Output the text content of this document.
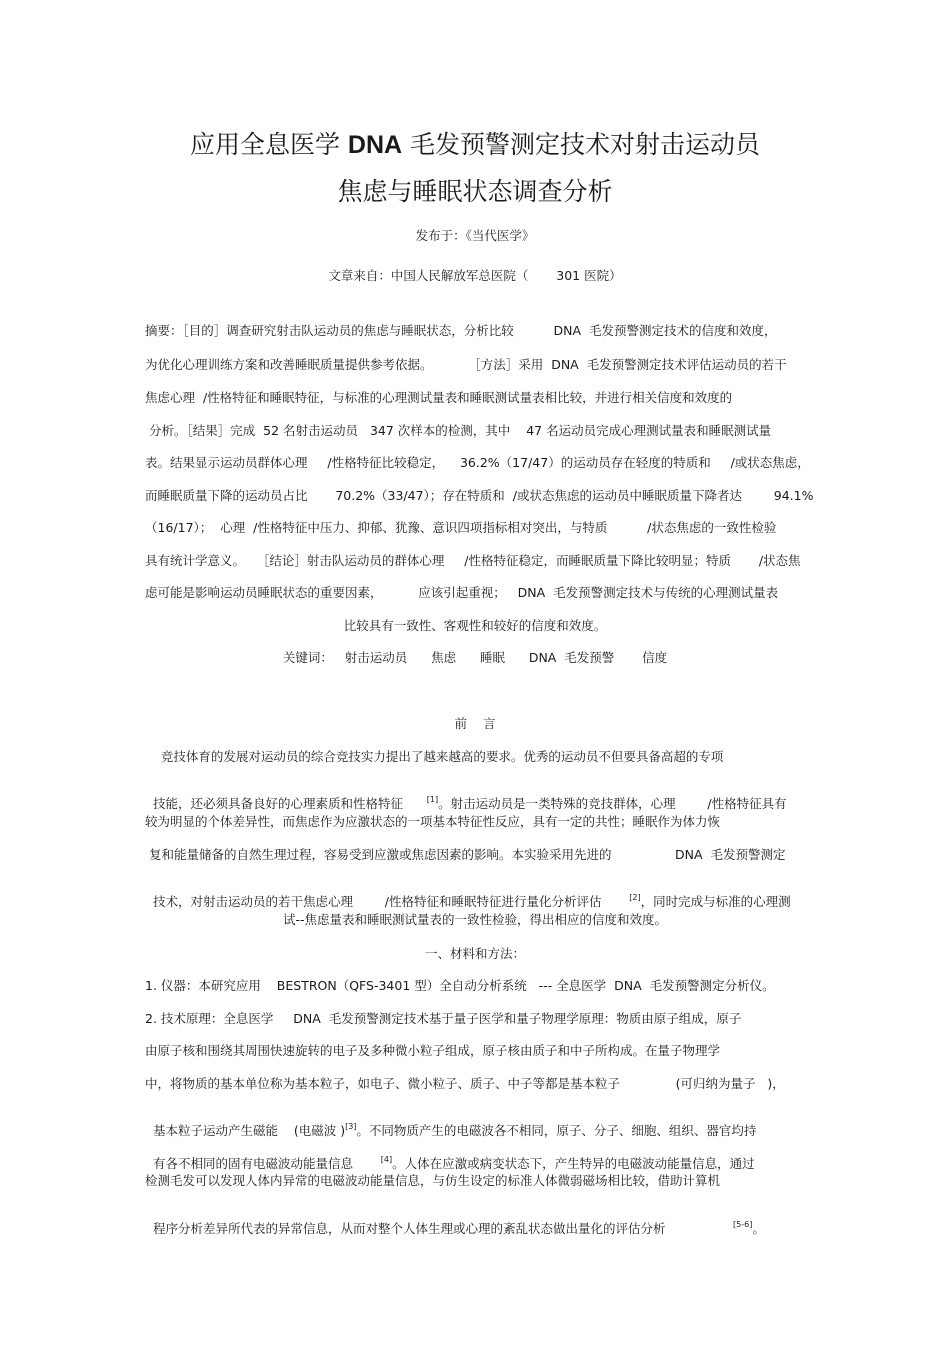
应用全息医学 DNA 毛发预警测定技术对射击运动员
焦虑与睡眠状态调查分析
发布于：《当代医学》
文章来自：中国人民解放军总医院（       301 医院）
摘要：［目的］调查研究射击队运动员的焦虑与睡眠状态，分析比较          DNA  毛发预警测定技术的信度和效度，
为优化心理训练方案和改善睡眠质量提供参考依据。         ［方法］采用  DNA  毛发预警测定技术评估运动员的若干
焦虑心理  /性格特征和睡眠特征，与标准的心理测试量表和睡眠测试量表相比较，并进行相关信度和效度的
分析。［结果］完成  52 名射击运动员   347 次样本的检测，其中    47 名运动员完成心理测试量表和睡眠测试量
表。结果显示运动员群体心理     /性格特征比较稳定，    36.2%（17/47）的运动员存在轻度的特质和     /或状态焦虑，
而睡眠质量下降的运动员占比       70.2%（33/47）；存在特质和  /或状态焦虑的运动员中睡眠质量下降者达        94.1%
（16/17）；  心理  /性格特征中压力、抑郁、犹豫、意识四项指标相对突出，与特质          /状态焦虑的一致性检验
具有统计学意义。   ［结论］射击队运动员的群体心理     /性格特征稳定，而睡眠质量下降比较明显；特质       /状态焦
虑可能是影响运动员睡眠状态的重要因素，         应该引起重视；   DNA  毛发预警测定技术与传统的心理测试量表
比较具有一致性、客观性和较好的信度和效度。
关键词：   射击运动员      焦虑      睡眠      DNA  毛发预警       信度
前    言
竞技体育的发展对运动员的综合竞技实力提出了越来越高的要求。优秀的运动员不但要具备高超的专项

技能，还必须具备良好的心理素质和性格特征      [1]。射击运动员是一类特殊的竞技群体，心理        /性格特征具有

较为明显的个体差异性，而焦虑作为应激状态的一项基本特征性反应，具有一定的共性；睡眠作为体力恢
复和能量储备的自然生理过程，容易受到应激或焦虑因素的影响。本实验采用先进的                DNA  毛发预警测定

技术，对射击运动员的若干焦虑心理        /性格特征和睡眠特征进行量化分析评估       [2]，同时完成与标准的心理测

试--焦虑量表和睡眠测试量表的一致性检验，得出相应的信度和效度。
一、材料和方法：
1. 仪器：本研究应用    BESTRON（QFS-3401 型）全自动分析系统   --- 全息医学  DNA  毛发预警测定分析仪。
2. 技术原理：全息医学     DNA  毛发预警测定技术基于量子医学和量子物理学原理：物质由原子组成，原子
由原子核和围绕其周围快速旋转的电子及多种微小粒子组成，原子核由质子和中子所构成。在量子物理学
中，将物质的基本单位称为基本粒子，如电子、微小粒子、质子、中子等都是基本粒子              (可归纳为量子   )，

基本粒子运动产生磁能    (电磁波 )[3]。不同物质产生的电磁波各不相同，原子、分子、细胞、组织、器官均持

有各不相同的固有电磁波动能量信息       [4]。人体在应激或病变状态下，产生特异的电磁波动能量信息，通过

检测毛发可以发现人体内异常的电磁波动能量信息，与仿生设定的标准人体微弱磁场相比较，借助计算机

程序分析差异所代表的异常信息，从而对整个人体生理或心理的紊乱状态做出量化的评估分析                 [5-6]。
